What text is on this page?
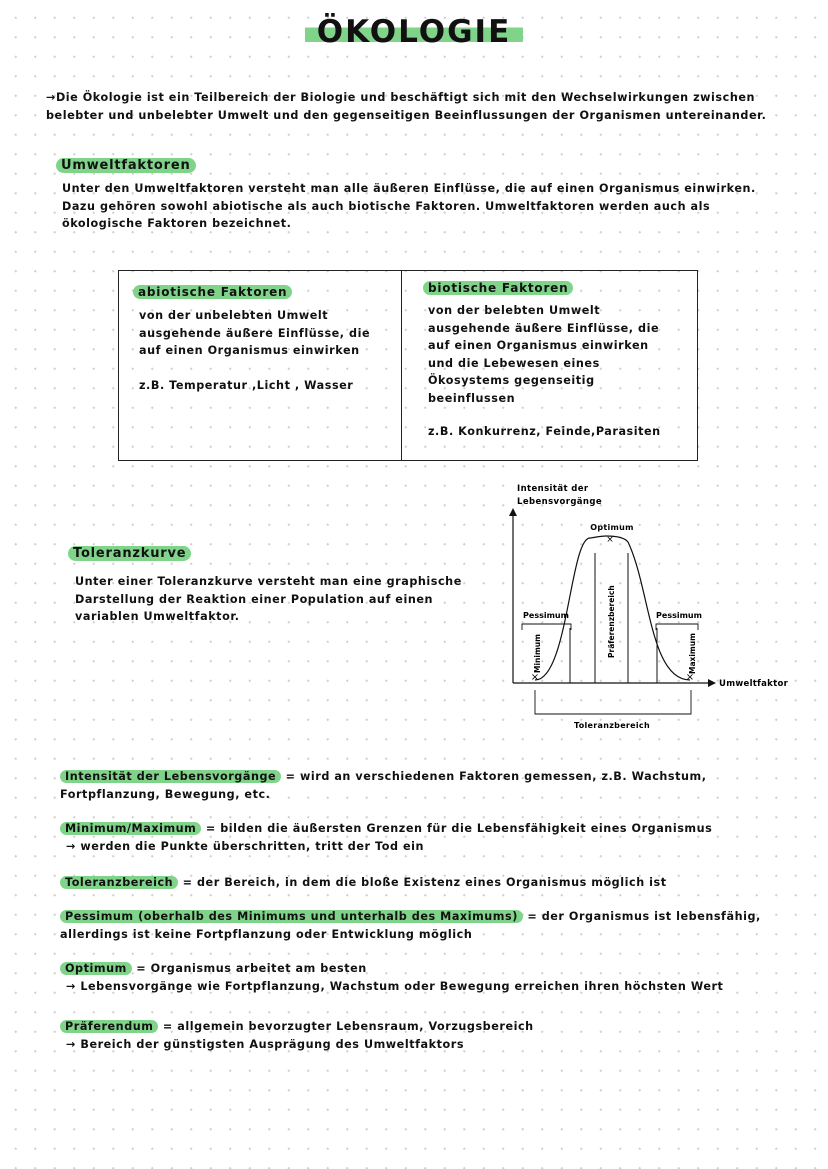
ÖKOLOGIE
→Die Ökologie ist ein Teilbereich der Biologie und beschäftigt sich mit den Wechselwirkungen zwischen belebter und unbelebter Umwelt und den gegenseitigen Beeinflussungen der Organismen untereinander.
Umweltfaktoren
Unter den Umweltfaktoren versteht man alle äußeren Einflüsse, die auf einen Organismus einwirken. Dazu gehören sowohl abiotische als auch biotische Faktoren. Umweltfaktoren werden auch als ökologische Faktoren bezeichnet.
abiotische Faktoren
von der unbelebten Umwelt ausgehende äußere Einflüsse, die auf einen Organismus einwirken
z.B. Temperatur ,Licht , Wasser
biotische Faktoren
von der belebten Umwelt ausgehende äußere Einflüsse, die auf einen Organismus einwirken und die Lebewesen eines Ökosystems gegenseitig beeinflussen
z.B. Konkurrenz, Feinde,Parasiten
Toleranzkurve
Unter einer Toleranzkurve versteht man eine graphische Darstellung der Reaktion einer Population auf einen variablen Umweltfaktor.
Intensität der
Lebensvorgänge
Umweltfaktor
×	×
×
Optimum
Pessimum	Pessimum
Minimum	Maximum
Präferenzbereich
Toleranzbereich
Intensität der Lebensvorgänge = wird an verschiedenen Faktoren gemessen, z.B. Wachstum, Fortpflanzung, Bewegung, etc.
Minimum/Maximum = bilden die äußersten Grenzen für die Lebensfähigkeit eines Organismus
→ werden die Punkte überschritten, tritt der Tod ein
Toleranzbereich = der Bereich, in dem die bloße Existenz eines Organismus möglich ist
Pessimum (oberhalb des Minimums und unterhalb des Maximums) = der Organismus ist lebensfähig, allerdings ist keine Fortpflanzung oder Entwicklung möglich
Optimum = Organismus arbeitet am besten
→ Lebensvorgänge wie Fortpflanzung, Wachstum oder Bewegung erreichen ihren höchsten Wert
Präferendum = allgemein bevorzugter Lebensraum, Vorzugsbereich
→ Bereich der günstigsten Ausprägung des Umweltfaktors
